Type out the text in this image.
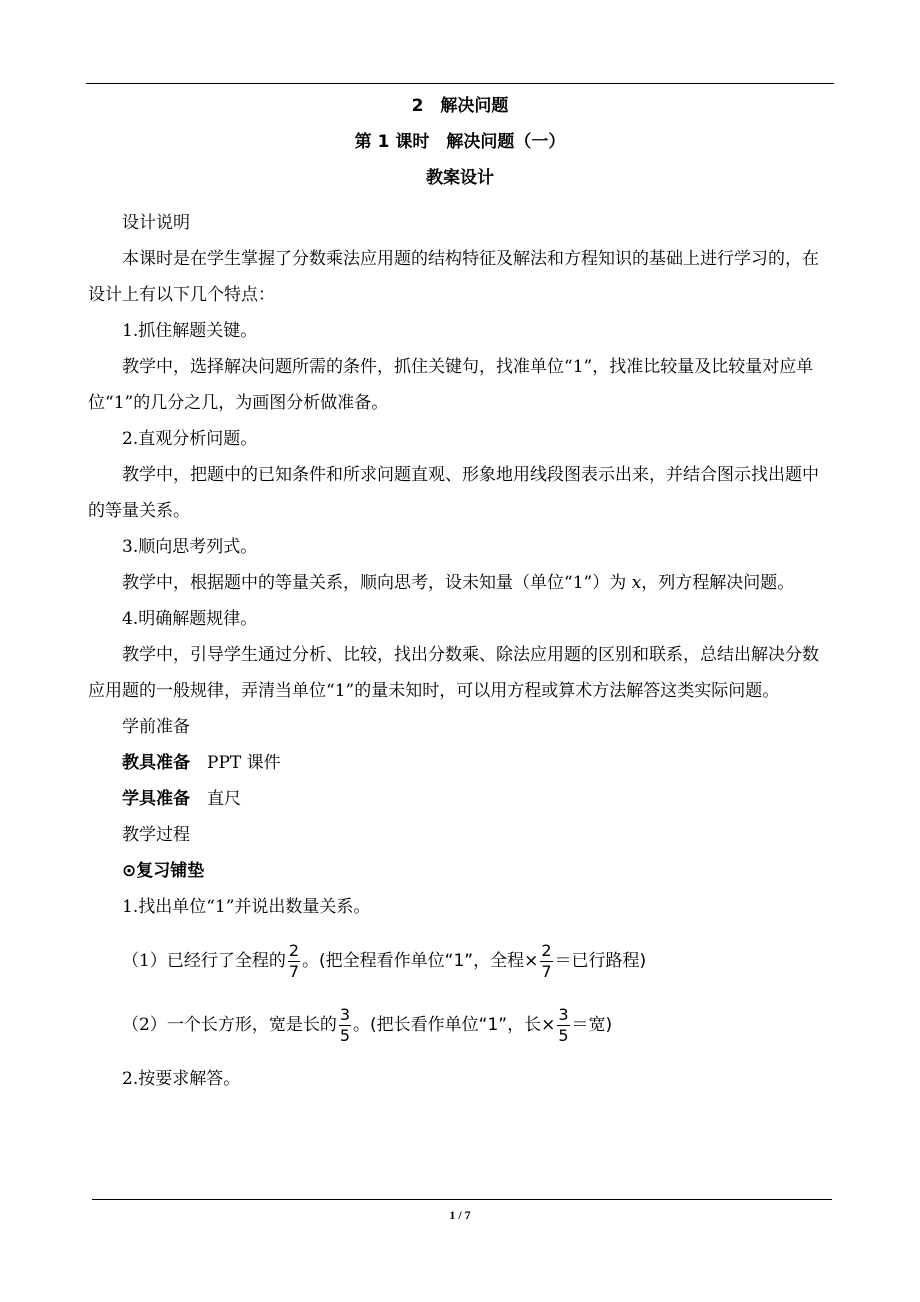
2　解决问题
第 1 课时　解决问题（一）
教案设计

设计说明

本课时是在学生掌握了分数乘法应用题的结构特征及解法和方程知识的基础上进行学习的，在设计上有以下几个特点：

1.抓住解题关键。

教学中，选择解决问题所需的条件，抓住关键句，找准单位“1”，找准比较量及比较量对应单位“1”的几分之几，为画图分析做准备。

2.直观分析问题。

教学中，把题中的已知条件和所求问题直观、形象地用线段图表示出来，并结合图示找出题中的等量关系。

3.顺向思考列式。

教学中，根据题中的等量关系，顺向思考，设未知量（单位“1”）为 x，列方程解决问题。

4.明确解题规律。

教学中，引导学生通过分析、比较，找出分数乘、除法应用题的区别和联系，总结出解决分数应用题的一般规律，弄清当单位“1”的量未知时，可以用方程或算术方法解答这类实际问题。

学前准备

教具准备　 PPT 课件

学具准备　 直尺

教学过程

⊙复习铺垫

1.找出单位“1”并说出数量关系。

（1）已经行了全程的 $\frac{2}{7}$ 。(把全程看作单位“1”，全程× $\frac{2}{7}$ ＝已行路程)
（2）一个长方形，宽是长的 $\frac{3}{5}$ 。(把长看作单位“1”，长× $\frac{3}{5}$ ＝宽)

2.按要求解答。

1 / 7
